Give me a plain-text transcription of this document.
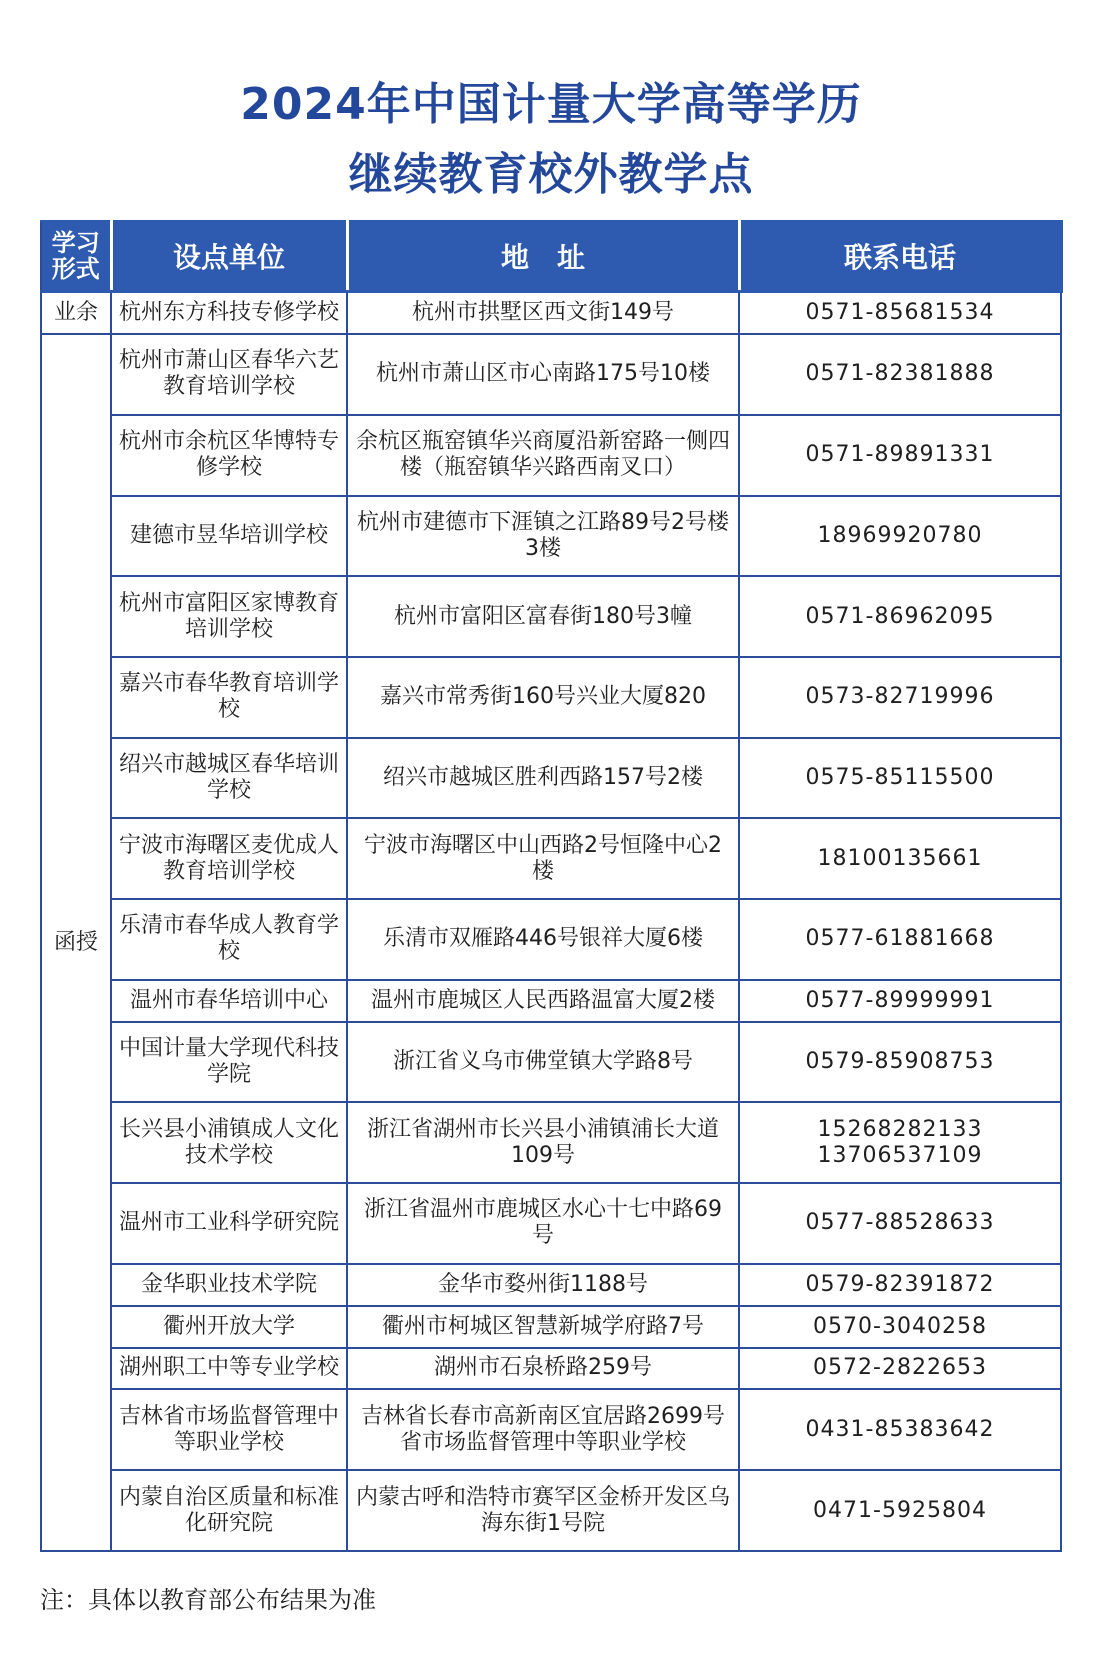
2024年中国计量大学高等学历
继续教育校外教学点
学习形式	设点单位	地　址	联系电话
业余	杭州东方科技专修学校	杭州市拱墅区西文街149号	0571-85681534
函授	杭州市萧山区春华六艺教育培训学校	杭州市萧山区市心南路175号10楼	0571-82381888
	杭州市余杭区华博特专修学校	余杭区瓶窑镇华兴商厦沿新窑路一侧四楼（瓶窑镇华兴路西南叉口）	0571-89891331
	建德市昱华培训学校	杭州市建德市下涯镇之江路89号2号楼3楼	18969920780
	杭州市富阳区家博教育培训学校	杭州市富阳区富春街180号3幢	0571-86962095
	嘉兴市春华教育培训学校	嘉兴市常秀街160号兴业大厦820	0573-82719996
	绍兴市越城区春华培训学校	绍兴市越城区胜利西路157号2楼	0575-85115500
	宁波市海曙区麦优成人教育培训学校	宁波市海曙区中山西路2号恒隆中心2楼	18100135661
	乐清市春华成人教育学校	乐清市双雁路446号银祥大厦6楼	0577-61881668
	温州市春华培训中心	温州市鹿城区人民西路温富大厦2楼	0577-89999991
	中国计量大学现代科技学院	浙江省义乌市佛堂镇大学路8号	0579-85908753
	长兴县小浦镇成人文化技术学校	浙江省湖州市长兴县小浦镇浦长大道109号	15268282133 13706537109
	温州市工业科学研究院	浙江省温州市鹿城区水心十七中路69号	0577-88528633
	金华职业技术学院	金华市婺州街1188号	0579-82391872
	衢州开放大学	衢州市柯城区智慧新城学府路7号	0570-3040258
	湖州职工中等专业学校	湖州市石泉桥路259号	0572-2822653
	吉林省市场监督管理中等职业学校	吉林省长春市高新南区宜居路2699号省市场监督管理中等职业学校	0431-85383642
	内蒙自治区质量和标准化研究院	内蒙古呼和浩特市赛罕区金桥开发区乌海东街1号院	0471-5925804
注：具体以教育部公布结果为准
